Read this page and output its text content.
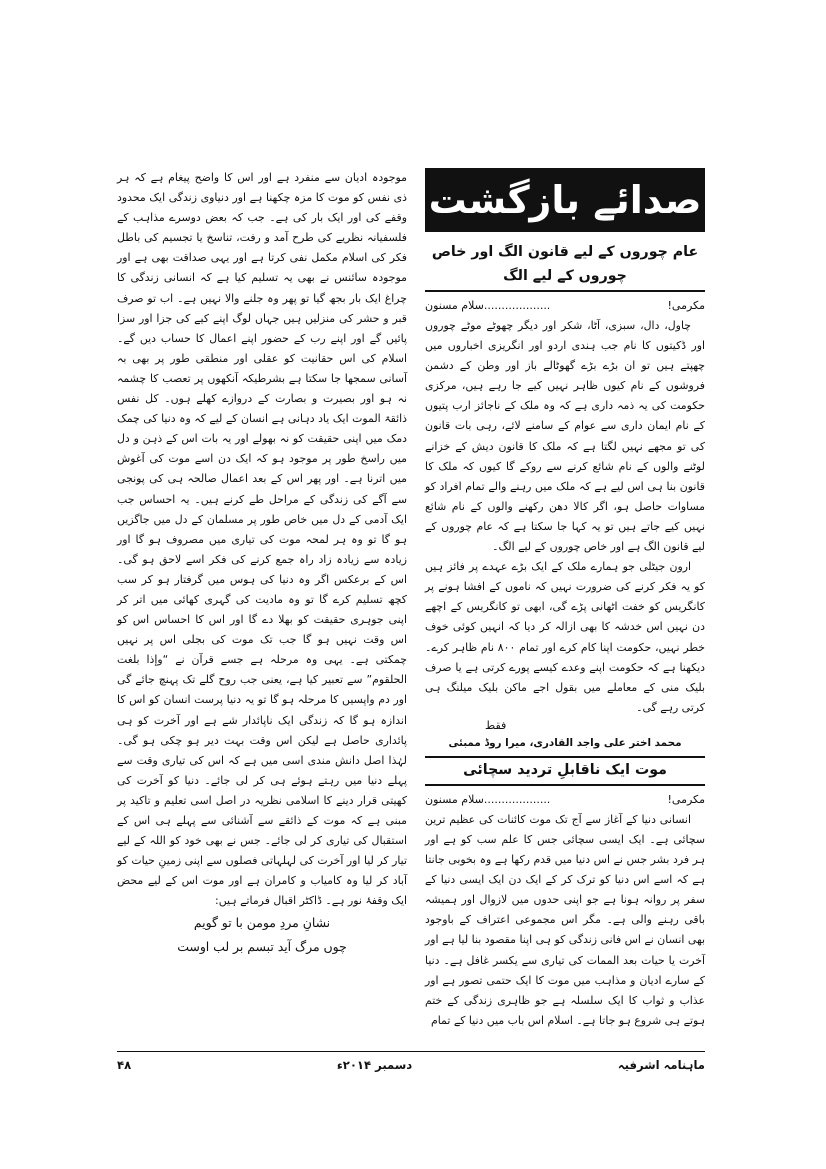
صدائے بازگشت
عام چوروں کے لیے قانون الگ اور خاص چوروں کے لیے الگ
مکرمی!
...................سلام مسنون

چاول، دال، سبزی، آٹا، شکر اور دیگر چھوٹے موٹے چوروں اور ڈکیتوں کا نام جب ہندی اردو اور انگریزی اخباروں میں چھپتے ہیں تو ان بڑے بڑے گھوٹالے باز اور وطن کے دشمن فروشوں کے نام کیوں ظاہر نہیں کیے جا رہے ہیں، مرکزی حکومت کی یہ ذمہ داری ہے کہ وہ ملک کے ناجائز ارب پتیوں کے نام ایمان داری سے عوام کے سامنے لائے، رہی بات قانون کی تو مجھے نہیں لگتا ہے کہ ملک کا قانون دیش کے خزانے لوٹنے والوں کے نام شائع کرنے سے روکے گا کیوں کہ ملک کا قانون بنا ہی اس لیے ہے کہ ملک میں رہنے والے تمام افراد کو مساوات حاصل ہو، اگر کالا دھن رکھنے والوں کے نام شائع نہیں کیے جاتے ہیں تو یہ کہا جا سکتا ہے کہ عام چوروں کے لیے قانون الگ ہے اور خاص چوروں کے لیے الگ۔

ارون جیٹلی جو ہمارے ملک کے ایک بڑے عہدے پر فائز ہیں کو یہ فکر کرنے کی ضرورت نہیں کہ ناموں کے افشا ہونے پر کانگریس کو خفت اٹھانی پڑے گی، ابھی تو کانگریس کے اچھے دن نہیں اس خدشہ کا بھی ازالہ کر دیا کہ انہیں کوئی خوف خطر نہیں، حکومت اپنا کام کرے اور تمام ۸۰۰ نام ظاہر کرے۔ دیکھنا ہے کہ حکومت اپنے وعدے کیسے پورے کرتی ہے یا صرف بلیک منی کے معاملے میں بقول اجے ماکن بلیک میلنگ ہی کرتی رہے گی۔

فقط
محمد اختر علی واجد القادری، میرا روڈ ممبئی
موت ایک ناقابلِ تردید سچائی
مکرمی!
...................سلام مسنون

انسانی دنیا کے آغاز سے آج تک موت کائنات کی عظیم ترین سچائی ہے۔ ایک ایسی سچائی جس کا علم سب کو ہے اور ہر فرد بشر جس نے اس دنیا میں قدم رکھا ہے وہ بخوبی جانتا ہے کہ اسے اس دنیا کو ترک کر کے ایک دن ایک ایسی دنیا کے سفر پر روانہ ہونا ہے جو اپنی حدوں میں لازوال اور ہمیشہ باقی رہنے والی ہے۔ مگر اس مجموعی اعتراف کے باوجود بھی انسان نے اس فانی زندگی کو ہی اپنا مقصود بنا لیا ہے اور آخرت یا حیات بعد الممات کی تیاری سے یکسر غافل ہے۔ دنیا کے سارے ادیان و مذاہب میں موت کا ایک حتمی تصور ہے اور عذاب و ثواب کا ایک سلسلہ ہے جو ظاہری زندگی کے ختم ہوتے ہی شروع ہو جاتا ہے۔ اسلام اس باب میں دنیا کے تمام

موجودہ ادیان سے منفرد ہے اور اس کا واضح پیغام ہے کہ ہر ذی نفس کو موت کا مزہ چکھنا ہے اور دنیاوی زندگی ایک محدود وقفے کی اور ایک بار کی ہے۔ جب کہ بعض دوسرے مذاہب کے فلسفیانہ نظریے کی طرح آمد و رفت، تناسخ یا تجسیم کی باطل فکر کی اسلام مکمل نفی کرتا ہے اور یہی صداقت بھی ہے اور موجودہ سائنس نے بھی یہ تسلیم کیا ہے کہ انسانی زندگی کا چراغ ایک بار بجھ گیا تو پھر وہ جلنے والا نہیں ہے۔ اب تو صرف قبر و حشر کی منزلیں ہیں جہاں لوگ اپنے کیے کی جزا اور سزا پائیں گے اور اپنے رب کے حضور اپنے اعمال کا حساب دیں گے۔ اسلام کی اس حقانیت کو عقلی اور منطقی طور پر بھی بہ آسانی سمجھا جا سکتا ہے بشرطیکہ آنکھوں پر تعصب کا چشمہ نہ ہو اور بصیرت و بصارت کے دروازے کھلے ہوں۔ کل نفس ذائقۃ الموت ایک یاد دہانی ہے انسان کے لیے کہ وہ دنیا کی چمک دمک میں اپنی حقیقت کو نہ بھولے اور یہ بات اس کے ذہن و دل میں راسخ طور پر موجود ہو کہ ایک دن اسے موت کی آغوش میں اترنا ہے۔ اور پھر اس کے بعد اعمال صالحہ ہی کی پونجی سے آگے کی زندگی کے مراحل طے کرنے ہیں۔ یہ احساس جب ایک آدمی کے دل میں خاص طور پر مسلمان کے دل میں جاگزیں ہو گا تو وہ ہر لمحہ موت کی تیاری میں مصروف ہو گا اور زیادہ سے زیادہ زاد راہ جمع کرنے کی فکر اسے لاحق ہو گی۔ اس کے برعکس اگر وہ دنیا کی ہوس میں گرفتار ہو کر سب کچھ تسلیم کرے گا تو وہ مادیت کی گہری کھائی میں اتر کر اپنی جوہری حقیقت کو بھلا دے گا اور اس کا احساس اس کو اس وقت نہیں ہو گا جب تک موت کی بجلی اس پر نہیں چمکتی ہے۔ یہی وہ مرحلہ ہے جسے قرآن نے “وإذا بلغت الحلقوم” سے تعبیر کیا ہے، یعنی جب روح گلے تک پہنچ جائے گی اور دم واپسیں کا مرحلہ ہو گا تو یہ دنیا پرست انسان کو اس کا اندازہ ہو گا کہ زندگی ایک ناپائدار شے ہے اور آخرت کو ہی پائداری حاصل ہے لیکن اس وقت بہت دیر ہو چکی ہو گی۔ لہٰذا اصل دانش مندی اسی میں ہے کہ اس کی تیاری وقت سے پہلے دنیا میں رہتے ہوئے ہی کر لی جائے۔ دنیا کو آخرت کی کھیتی قرار دینے کا اسلامی نظریہ در اصل اسی تعلیم و تاکید پر مبنی ہے کہ موت کے ذائقے سے آشنائی سے پہلے ہی اس کے استقبال کی تیاری کر لی جائے۔ جس نے بھی خود کو اللہ کے لیے تیار کر لیا اور آخرت کی لہلہاتی فصلوں سے اپنی زمینِ حیات کو آباد کر لیا وہ کامیاب و کامران ہے اور موت اس کے لیے محض ایک وقفۂ نور ہے۔ ڈاکٹر اقبال فرماتے ہیں:

نشانِ مردِ مومن با تو گویم
چوں مرگ آید تبسم بر لب اوست
۴۸	دسمبر ۲۰۱۴ء	ماہنامہ اشرفیہ
